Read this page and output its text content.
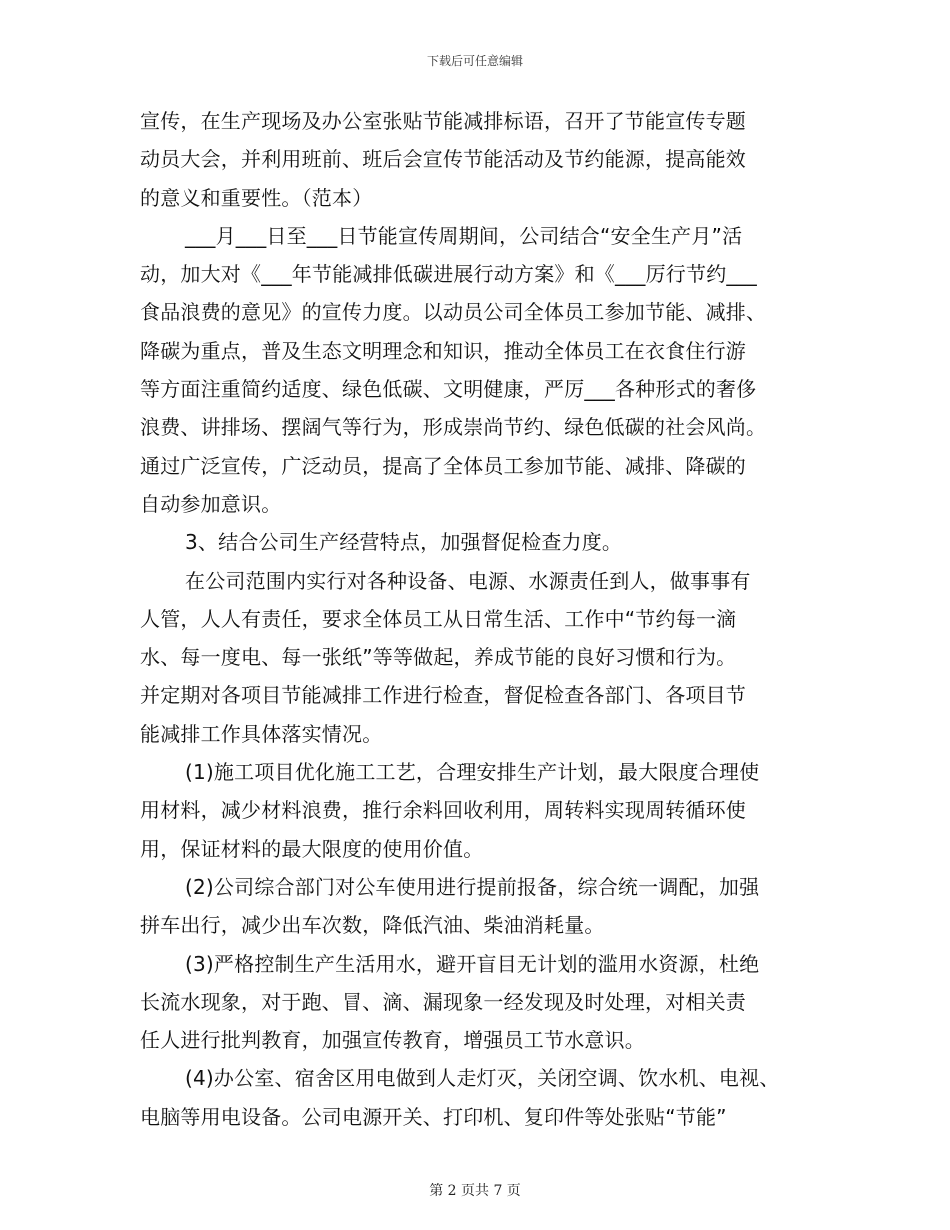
下载后可任意编辑
宣传，在生产现场及办公室张贴节能减排标语，召开了节能宣传专题
动员大会，并利用班前、班后会宣传节能活动及节约能源，提高能效
的意义和重要性。（范本）
___月___日至___日节能宣传周期间，公司结合“安全生产月”活
动，加大对《___年节能减排低碳进展行动方案》和《___厉行节约___
食品浪费的意见》的宣传力度。以动员公司全体员工参加节能、减排、
降碳为重点，普及生态文明理念和知识，推动全体员工在衣食住行游
等方面注重简约适度、绿色低碳、文明健康，严厉___各种形式的奢侈
浪费、讲排场、摆阔气等行为，形成崇尚节约、绿色低碳的社会风尚。
通过广泛宣传，广泛动员，提高了全体员工参加节能、减排、降碳的
自动参加意识。
3、结合公司生产经营特点，加强督促检查力度。
在公司范围内实行对各种设备、电源、水源责任到人，做事事有
人管，人人有责任，要求全体员工从日常生活、工作中“节约每一滴
水、每一度电、每一张纸”等等做起，养成节能的良好习惯和行为。
并定期对各项目节能减排工作进行检查，督促检查各部门、各项目节
能减排工作具体落实情况。
(1)施工项目优化施工工艺，合理安排生产计划，最大限度合理使
用材料，减少材料浪费，推行余料回收利用，周转料实现周转循环使
用，保证材料的最大限度的使用价值。
(2)公司综合部门对公车使用进行提前报备，综合统一调配，加强
拼车出行，减少出车次数，降低汽油、柴油消耗量。
(3)严格控制生产生活用水，避开盲目无计划的滥用水资源，杜绝
长流水现象，对于跑、冒、滴、漏现象一经发现及时处理，对相关责
任人进行批判教育，加强宣传教育，增强员工节水意识。
(4)办公室、宿舍区用电做到人走灯灭，关闭空调、饮水机、电视、
电脑等用电设备。公司电源开关、打印机、复印件等处张贴“节能”
第 2 页共 7 页
